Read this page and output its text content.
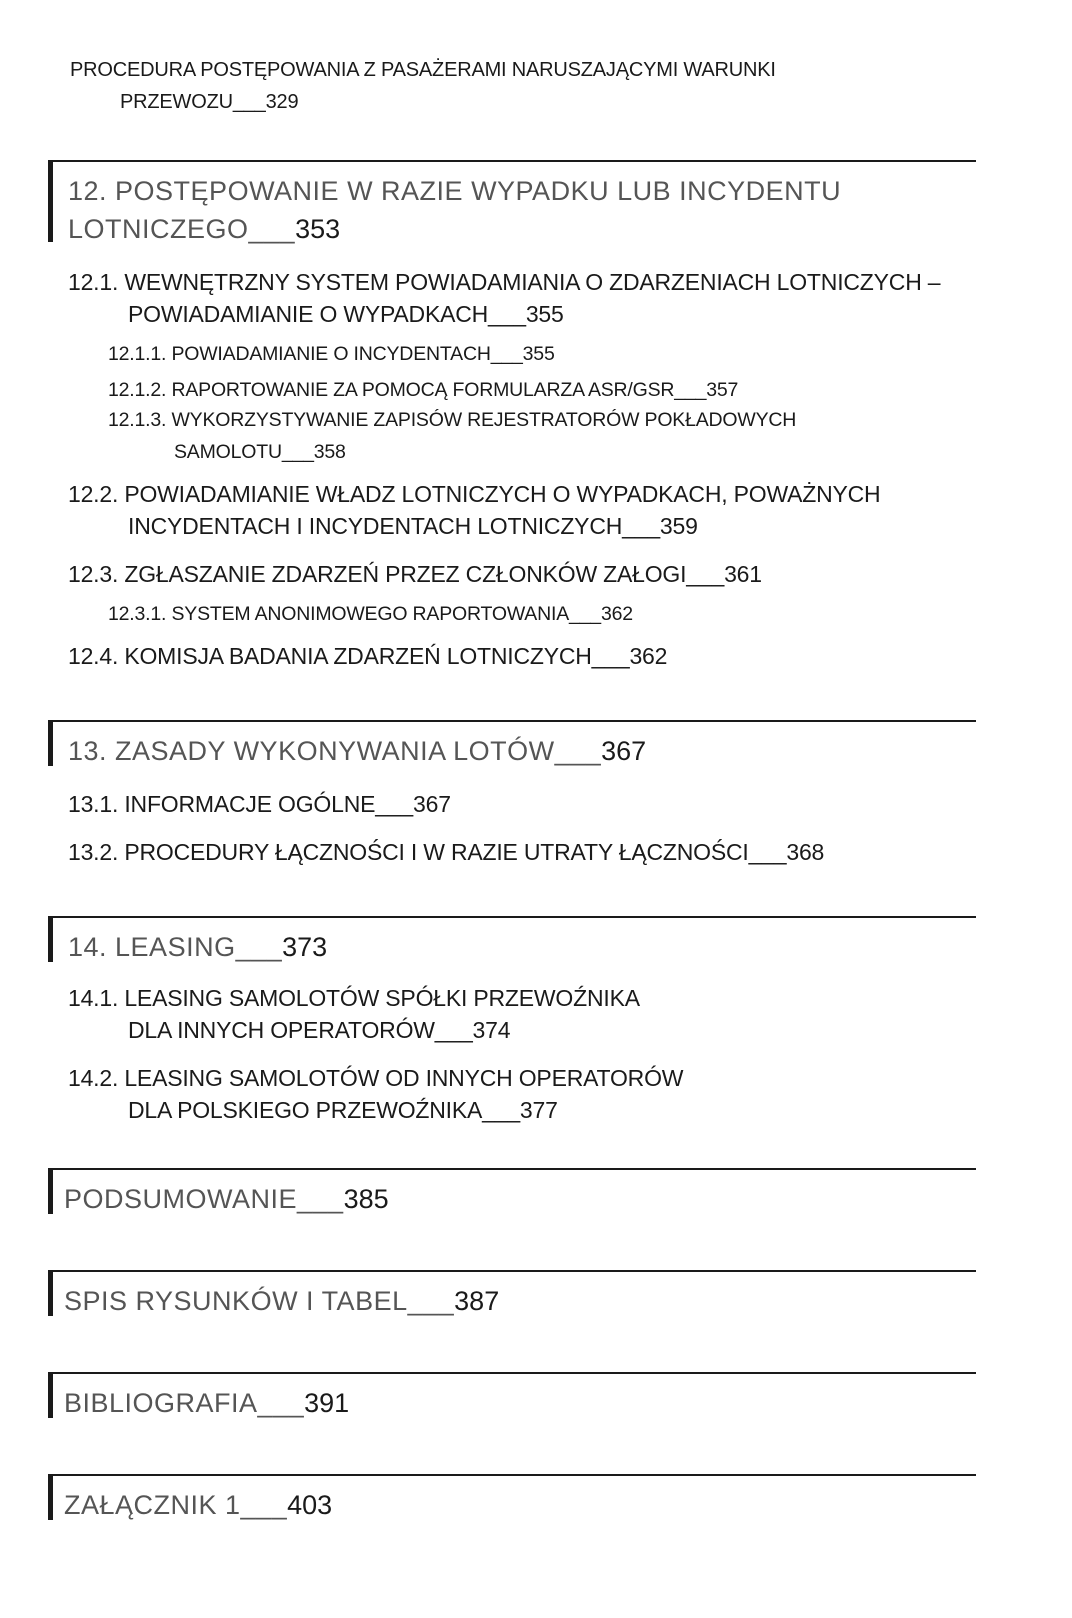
PROCEDURA POSTĘPOWANIA Z PASAŻERAMI NARUSZAJĄCYMI WARUNKI
PRZEWOZU___329
12. POSTĘPOWANIE W RAZIE WYPADKU LUB INCYDENTU
LOTNICZEGO___353
12.1. WEWNĘTRZNY SYSTEM POWIADAMIANIA O ZDARZENIACH LOTNICZYCH –
POWIADAMIANIE O WYPADKACH___355
12.1.1. POWIADAMIANIE O INCYDENTACH___355
12.1.2. RAPORTOWANIE ZA POMOCĄ FORMULARZA ASR/GSR___357
12.1.3. WYKORZYSTYWANIE ZAPISÓW REJESTRATORÓW POKŁADOWYCH
SAMOLOTU___358
12.2. POWIADAMIANIE WŁADZ LOTNICZYCH O WYPADKACH, POWAŻNYCH
INCYDENTACH I INCYDENTACH LOTNICZYCH___359
12.3. ZGŁASZANIE ZDARZEŃ PRZEZ CZŁONKÓW ZAŁOGI___361
12.3.1. SYSTEM ANONIMOWEGO RAPORTOWANIA___362
12.4. KOMISJA BADANIA ZDARZEŃ LOTNICZYCH___362
13. ZASADY WYKONYWANIA LOTÓW___367
13.1. INFORMACJE OGÓLNE___367
13.2. PROCEDURY ŁĄCZNOŚCI I W RAZIE UTRATY ŁĄCZNOŚCI___368
14. LEASING___373
14.1. LEASING SAMOLOTÓW SPÓŁKI PRZEWOŹNIKA
DLA INNYCH OPERATORÓW___374
14.2. LEASING SAMOLOTÓW OD INNYCH OPERATORÓW
DLA POLSKIEGO PRZEWOŹNIKA___377
PODSUMOWANIE___385
SPIS RYSUNKÓW I TABEL___387
BIBLIOGRAFIA___391
ZAŁĄCZNIK 1___403
